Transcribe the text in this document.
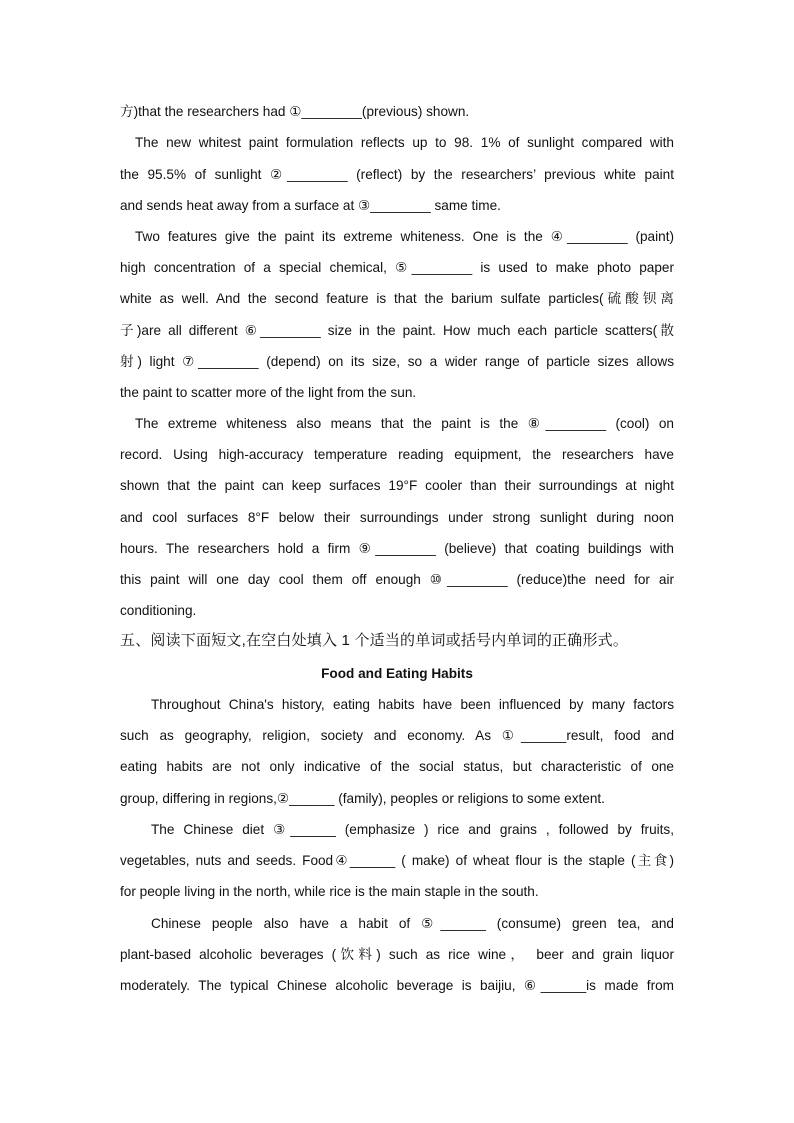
方)that the researchers had ①________(previous) shown.
The new whitest paint formulation reflects up to 98. 1% of sunlight compared with
the 95.5% of sunlight ②________ (reflect) by the researchers’ previous white paint
and sends heat away from a surface at ③________ same time.
Two features give the paint its extreme whiteness. One is the ④________ (paint)
high concentration of a special chemical, ⑤________ is used to make photo paper
white as well. And the second feature is that the barium sulfate particles(硫酸钡离
子)are all different ⑥________ size in the paint. How much each particle scatters(散
射) light ⑦________ (depend) on its size, so a wider range of particle sizes allows
the paint to scatter more of the light from the sun.
The extreme whiteness also means that the paint is the ⑧________ (cool) on
record. Using high-accuracy temperature reading equipment, the researchers have
shown that the paint can keep surfaces 19°F cooler than their surroundings at night
and cool surfaces 8°F below their surroundings under strong sunlight during noon
hours. The researchers hold a firm ⑨________ (believe) that coating buildings with
this paint will one day cool them off enough ⑩________ (reduce)the need for air
conditioning.
五、阅读下面短文,在空白处填入 1 个适当的单词或括号内单词的正确形式。
Food and Eating Habits
Throughout China's history, eating habits have been influenced by many factors
such as geography, religion, society and economy. As ①______result, food and
eating habits are not only indicative of the social status, but characteristic of one
group, differing in regions,②______ (family), peoples or religions to some extent.
The Chinese diet ③______ (emphasize ) rice and grains , followed by fruits,
vegetables, nuts and seeds. Food④______ ( make) of wheat flour is the staple (主食)
for people living in the north, while rice is the main staple in the south.
Chinese people also have a habit of ⑤______ (consume) green tea, and
plant-based alcoholic beverages (饮料) such as rice wine， beer and grain liquor
moderately. The typical Chinese alcoholic beverage is baijiu, ⑥______is made from
